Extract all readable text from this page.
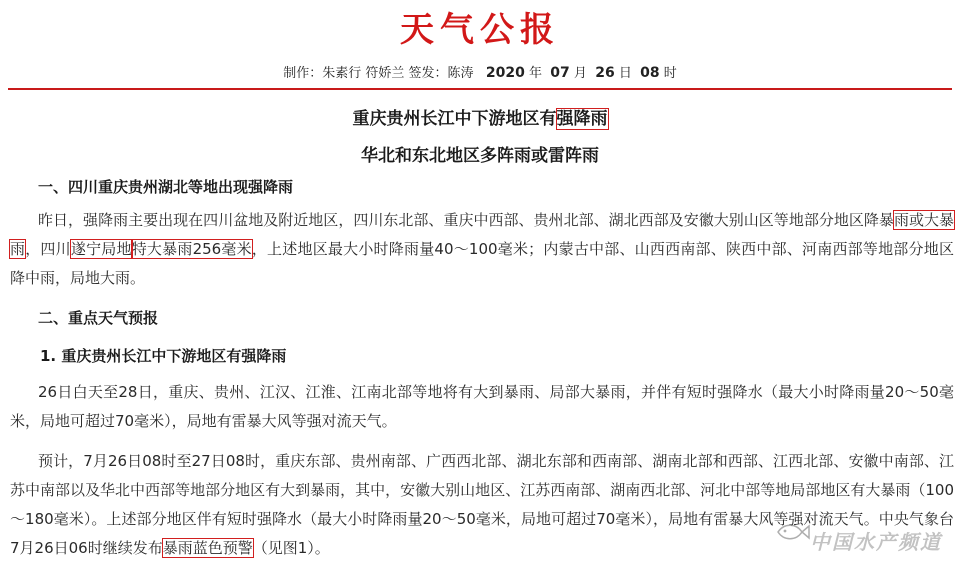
天气公报
制作：朱素行 符娇兰 签发：陈涛 2020 年 07 月 26 日 08 时
重庆贵州长江中下游地区有强降雨
华北和东北地区多阵雨或雷阵雨
一、四川重庆贵州湖北等地出现强降雨
昨日，强降雨主要出现在四川盆地及附近地区，四川东北部、重庆中西部、贵州北部、湖北西部及安徽大别山区等地部分地区降暴雨或大暴雨，四川遂宁局地特大暴雨256毫米，上述地区最大小时降雨量40～100毫米；内蒙古中部、山西西南部、陕西中部、河南西部等地部分地区降中雨，局地大雨。
二、重点天气预报
1. 重庆贵州长江中下游地区有强降雨
26日白天至28日，重庆、贵州、江汉、江淮、江南北部等地将有大到暴雨、局部大暴雨，并伴有短时强降水（最大小时降雨量20～50毫米，局地可超过70毫米），局地有雷暴大风等强对流天气。
预计，7月26日08时至27日08时，重庆东部、贵州南部、广西西北部、湖北东部和西南部、湖南北部和西部、江西北部、安徽中南部、江苏中南部以及华北中西部等地部分地区有大到暴雨，其中，安徽大别山地区、江苏西南部、湖南西北部、河北中部等地局部地区有大暴雨（100～180毫米）。上述部分地区伴有短时强降水（最大小时降雨量20～50毫米，局地可超过70毫米），局地有雷暴大风等强对流天气。中央气象台7月26日06时继续发布暴雨蓝色预警（见图1）。	中国水产频道
